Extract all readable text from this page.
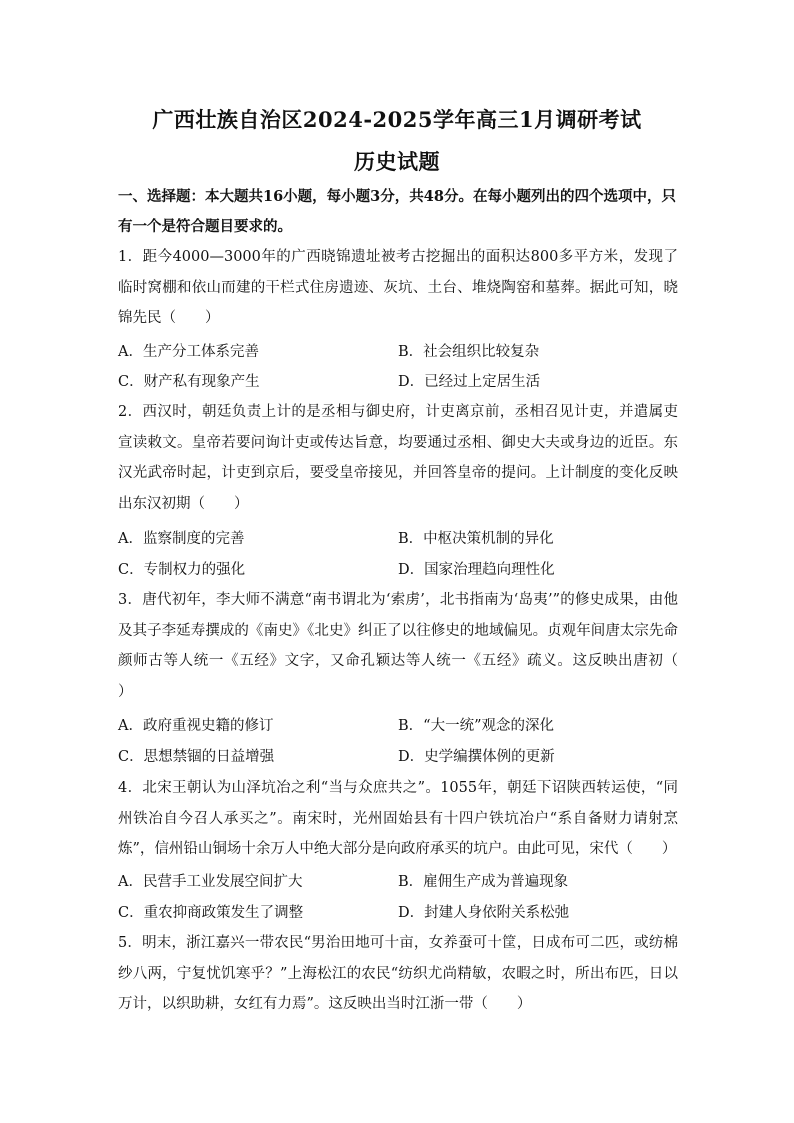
广西壮族自治区2024-2025学年高三1月调研考试
历史试题
一、选择题：本大题共16小题，每小题3分，共48分。在每小题列出的四个选项中，只有一个是符合题目要求的。
1．距今4000—3000年的广西晓锦遗址被考古挖掘出的面积达800多平方米，发现了临时窝棚和依山而建的干栏式住房遗迹、灰坑、土台、堆烧陶窑和墓葬。据此可知，晓锦先民（　　）
A．生产分工体系完善	B．社会组织比较复杂
C．财产私有现象产生	D．已经过上定居生活
2．西汉时，朝廷负责上计的是丞相与御史府，计吏离京前，丞相召见计吏，并遣属吏宣读敕文。皇帝若要问询计吏或传达旨意，均要通过丞相、御史大夫或身边的近臣。东汉光武帝时起，计吏到京后，要受皇帝接见，并回答皇帝的提问。上计制度的变化反映出东汉初期（　　）
A．监察制度的完善	B．中枢决策机制的异化
C．专制权力的强化	D．国家治理趋向理性化
3．唐代初年，李大师不满意“南书谓北为‘索虏’，北书指南为‘岛夷’”的修史成果，由他及其子李延寿撰成的《南史》《北史》纠正了以往修史的地域偏见。贞观年间唐太宗先命颜师古等人统一《五经》文字，又命孔颖达等人统一《五经》疏义。这反映出唐初（　　）
A．政府重视史籍的修订	B．“大一统”观念的深化
C．思想禁锢的日益增强	D．史学编撰体例的更新
4．北宋王朝认为山泽坑冶之利“当与众庶共之”。1055年，朝廷下诏陕西转运使，“同州铁冶自今召人承买之”。南宋时，光州固始县有十四户铁坑冶户“系自备财力请射烹炼”，信州铅山铜场十余万人中绝大部分是向政府承买的坑户。由此可见，宋代（　　）
A．民营手工业发展空间扩大	B．雇佣生产成为普遍现象
C．重农抑商政策发生了调整	D．封建人身依附关系松弛
5．明末，浙江嘉兴一带农民“男治田地可十亩，女养蚕可十筐，日成布可二匹，或纺棉纱八两，宁复忧饥寒乎？”上海松江的农民“纺织尤尚精敏，农暇之时，所出布匹，日以万计，以织助耕，女红有力焉”。这反映出当时江浙一带（　　）
